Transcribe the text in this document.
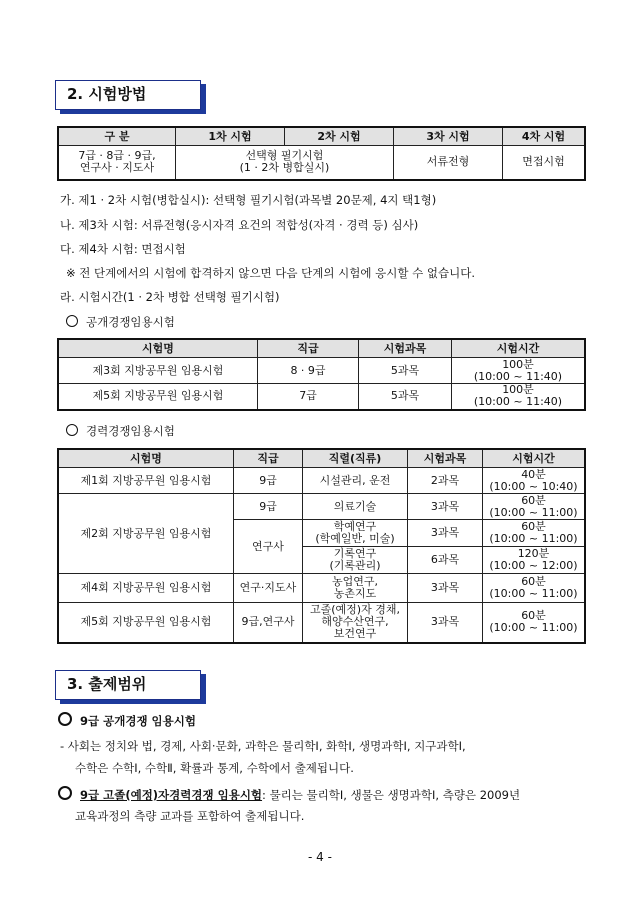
2. 시험방법
구 분	1차 시험	2차 시험	3차 시험	4차 시험
7급 · 8급 · 9급,
연구사 · 지도사	선택형 필기시험
(1 · 2차 병합실시)		서류전형	면접시험
가. 제1 · 2차 시험(병합실시): 선택형 필기시험(과목별 20문제, 4지 택1형)
나. 제3차 시험: 서류전형(응시자격 요건의 적합성(자격 · 경력 등) 심사)
다. 제4차 시험: 면접시험
※ 전 단계에서의 시험에 합격하지 않으면 다음 단계의 시험에 응시할 수 없습니다.
라. 시험시간(1 · 2차 병합 선택형 필기시험)
공개경쟁임용시험
시험명	직급	시험과목	시험시간
제3회 지방공무원 임용시험	8 · 9급	5과목	100분
(10:00 ~ 11:40)
제5회 지방공무원 임용시험	7급	5과목	100분
(10:00 ~ 11:40)
경력경쟁임용시험
시험명	직급	직렬(직류)	시험과목	시험시간
제1회 지방공무원 임용시험	9급	시설관리, 운전	2과목	40분
(10:00 ~ 10:40)
제2회 지방공무원 임용시험	9급	의료기술	3과목	60분
(10:00 ~ 11:00)
	연구사	학예연구
(학예일반, 미술)	3과목	60분
(10:00 ~ 11:00)
		기록연구
(기록관리)	6과목	120분
(10:00 ~ 12:00)
제4회 지방공무원 임용시험	연구·지도사	농업연구,
농촌지도	3과목	60분
(10:00 ~ 11:00)
제5회 지방공무원 임용시험	9급,연구사	고졸(예정)자 경채,
해양수산연구,
보건연구	3과목	60분
(10:00 ~ 11:00)
3. 출제범위
9급 공개경쟁 임용시험
- 사회는 정치와 법, 경제, 사회·문화, 과학은 물리학Ⅰ, 화학Ⅰ, 생명과학Ⅰ, 지구과학Ⅰ,
수학은 수학Ⅰ, 수학Ⅱ, 확률과 통계, 수학에서 출제됩니다.
9급 고졸(예정)자경력경쟁 임용시험: 물리는 물리학Ⅰ, 생물은 생명과학Ⅰ, 측량은 2009년
교육과정의 측량 교과를 포함하여 출제됩니다.
- 4 -
